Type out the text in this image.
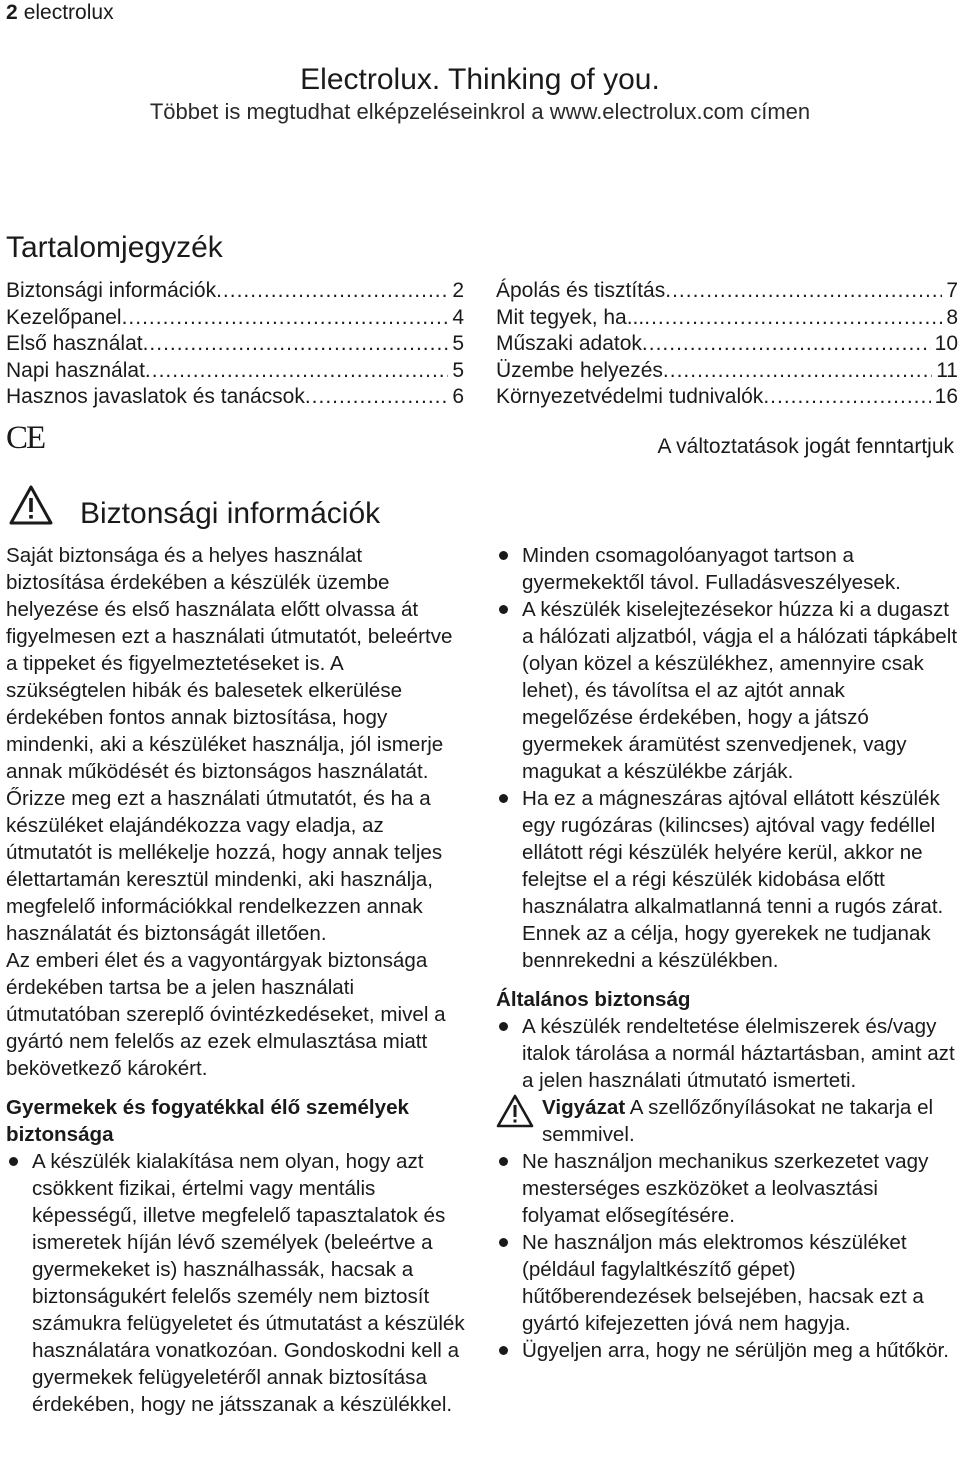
2 electrolux
Electrolux. Thinking of you.
Többet is megtudhat elképzeléseinkrol a www.electrolux.com címen
Tartalomjegyzék
Biztonsági információk .....	2
Kezelőpanel .....	4
Első használat .....	5
Napi használat .....	5
Hasznos javaslatok és tanácsok .....	6
Ápolás és tisztítás .....	7
Mit tegyek, ha... .....	8
Műszaki adatok .....	10
Üzembe helyezés .....	11
Környezetvédelmi tudnivalók .....	16
CE	A változtatások jogát fenntartjuk
Biztonsági információk

Saját biztonsága és a helyes használat biztosítása érdekében a készülék üzembe helyezése és első használata előtt olvassa át figyelmesen ezt a használati útmutatót, beleértve a tippeket és figyelmeztetéseket is. A szükségtelen hibák és balesetek elkerülése érdekében fontos annak biztosítása, hogy mindenki, aki a készüléket használja, jól ismerje annak működését és biztonságos használatát. Őrizze meg ezt a használati útmutatót, és ha a készüléket elajándékozza vagy eladja, az útmutatót is mellékelje hozzá, hogy annak teljes élettartamán keresztül mindenki, aki használja, megfelelő információkkal rendelkezzen annak használatát és biztonságát illetően.

Az emberi élet és a vagyontárgyak biztonsága érdekében tartsa be a jelen használati útmutatóban szereplő óvintézkedéseket, mivel a gyártó nem felelős az ezek elmulasztása miatt bekövetkező károkért.

Gyermekek és fogyatékkal élő személyek biztonsága
A készülék kialakítása nem olyan, hogy azt csökkent fizikai, értelmi vagy mentális képességű, illetve megfelelő tapasztalatok és ismeretek híján lévő személyek (beleértve a gyermekeket is) használhassák, hacsak a biztonságukért felelős személy nem biztosít számukra felügyeletet és útmutatást a készülék használatára vonatkozóan. Gondoskodni kell a gyermekek felügyeletéről annak biztosítása érdekében, hogy ne játsszanak a készülékkel.
Minden csomagolóanyagot tartson a gyermekektől távol. Fulladásveszélyesek.
A készülék kiselejtezésekor húzza ki a dugaszt a hálózati aljzatból, vágja el a hálózati tápkábelt (olyan közel a készülékhez, amennyire csak lehet), és távolítsa el az ajtót annak megelőzése érdekében, hogy a játszó gyermekek áramütést szenvedjenek, vagy magukat a készülékbe zárják.
Ha ez a mágneszáras ajtóval ellátott készülék egy rugózáras (kilincses) ajtóval vagy fedéllel ellátott régi készülék helyére kerül, akkor ne felejtse el a régi készülék kidobása előtt használatra alkalmatlanná tenni a rugós zárat. Ennek az a célja, hogy gyerekek ne tudjanak bennrekedni a készülékben.
Általános biztonság
A készülék rendeltetése élelmiszerek és/vagy italok tárolása a normál háztartásban, amint azt a jelen használati útmutató ismerteti.
Vigyázat A szellőzőnyílásokat ne takarja el semmivel.
Ne használjon mechanikus szerkezetet vagy mesterséges eszközöket a leolvasztási folyamat elősegítésére.
Ne használjon más elektromos készüléket (például fagylaltkészítő gépet) hűtőberendezések belsejében, hacsak ezt a gyártó kifejezetten jóvá nem hagyja.
Ügyeljen arra, hogy ne sérüljön meg a hűtőkör.
